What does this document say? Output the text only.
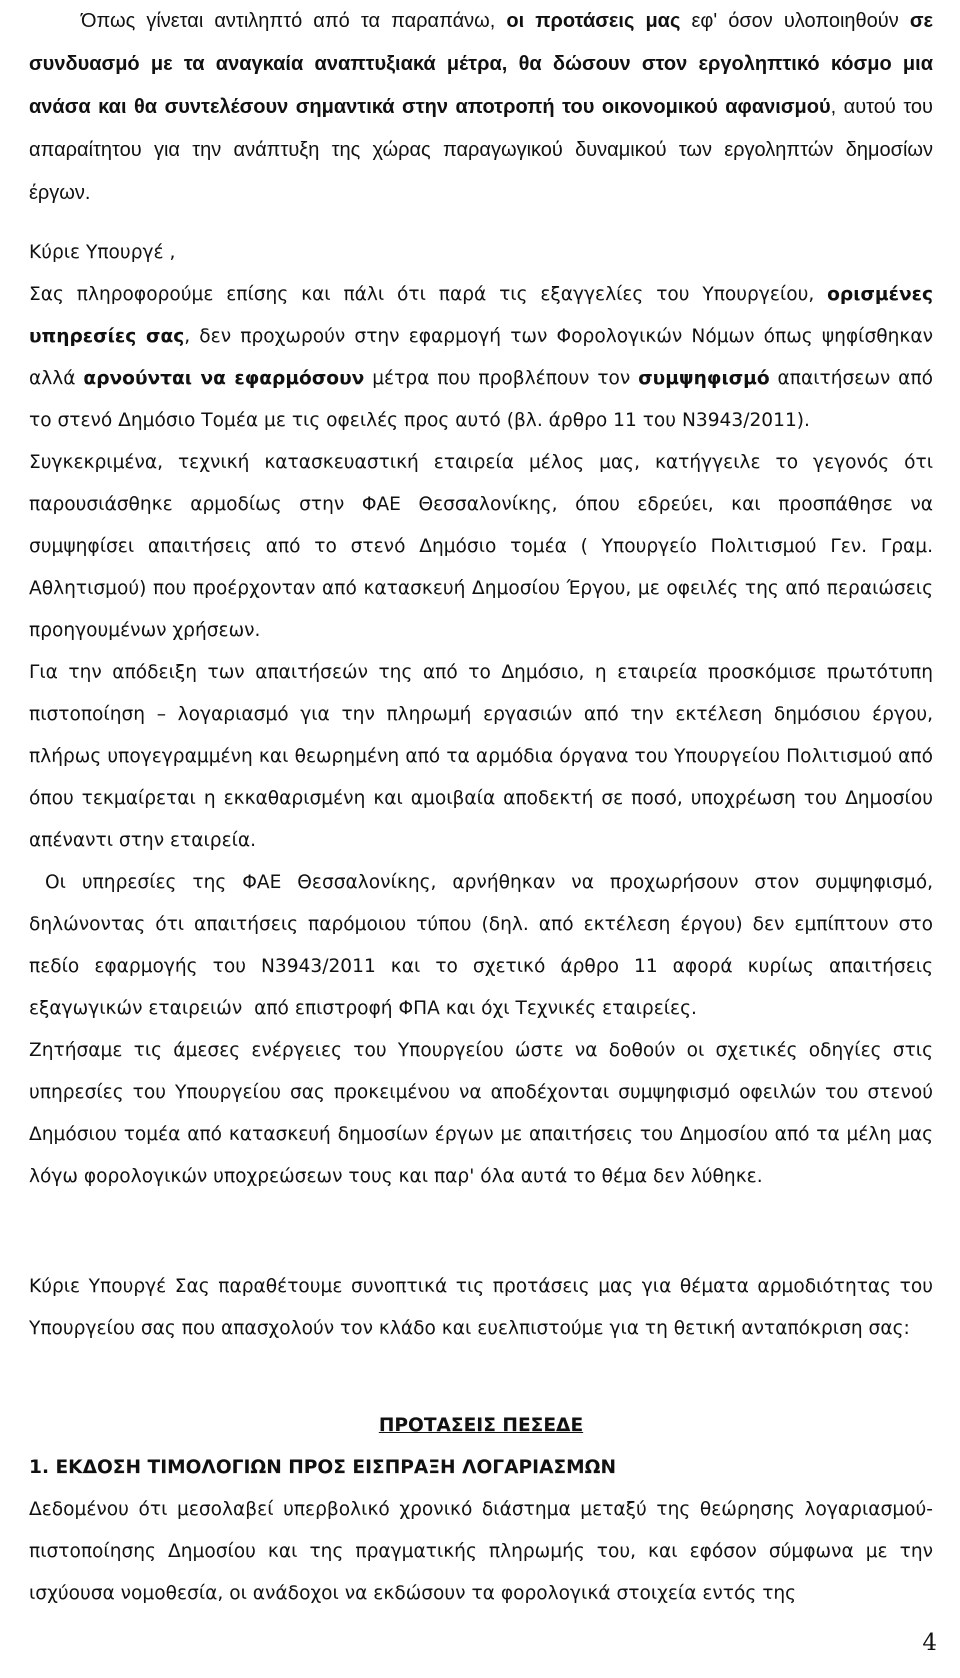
Όπως γίνεται αντιληπτό από τα παραπάνω, οι προτάσεις μας εφ' όσον υλοποιηθούν σε συνδυασμό με τα αναγκαία αναπτυξιακά μέτρα, θα δώσουν στον εργοληπτικό κόσμο μια ανάσα και θα συντελέσουν σημαντικά στην αποτροπή του οικονομικού αφανισμού, αυτού του απαραίτητου για την ανάπτυξη της χώρας παραγωγικού δυναμικού των εργοληπτών δημοσίων έργων.

Κύριε Υπουργέ ,

Σας πληροφορούμε επίσης και πάλι ότι παρά τις εξαγγελίες του Υπουργείου, ορισμένες υπηρεσίες σας, δεν προχωρούν στην εφαρμογή των Φορολογικών Νόμων όπως ψηφίσθηκαν αλλά αρνούνται να εφαρμόσουν μέτρα που προβλέπουν τον συμψηφισμό απαιτήσεων από το στενό Δημόσιο Τομέα με τις οφειλές προς αυτό (βλ. άρθρο 11 του Ν3943/2011).

Συγκεκριμένα, τεχνική κατασκευαστική εταιρεία μέλος μας, κατήγγειλε το γεγονός ότι παρουσιάσθηκε αρμοδίως στην ΦΑΕ Θεσσαλονίκης, όπου εδρεύει, και προσπάθησε να συμψηφίσει απαιτήσεις από το στενό Δημόσιο τομέα ( Υπουργείο Πολιτισμού Γεν. Γραμ. Αθλητισμού) που προέρχονταν από κατασκευή Δημοσίου Έργου, με οφειλές της από περαιώσεις προηγουμένων χρήσεων.

Για την απόδειξη των απαιτήσεών της από το Δημόσιο, η εταιρεία προσκόμισε πρωτότυπη πιστοποίηση – λογαριασμό για την πληρωμή εργασιών από την εκτέλεση δημόσιου έργου, πλήρως υπογεγραμμένη και θεωρημένη από τα αρμόδια όργανα του Υπουργείου Πολιτισμού από όπου τεκμαίρεται η εκκαθαρισμένη και αμοιβαία αποδεκτή σε ποσό, υποχρέωση του Δημοσίου απέναντι στην εταιρεία.

Οι υπηρεσίες της ΦΑΕ Θεσσαλονίκης, αρνήθηκαν να προχωρήσουν στον συμψηφισμό, δηλώνοντας ότι απαιτήσεις παρόμοιου τύπου (δηλ. από εκτέλεση έργου) δεν εμπίπτουν στο πεδίο εφαρμογής του Ν3943/2011 και το σχετικό άρθρο 11 αφορά κυρίως απαιτήσεις εξαγωγικών εταιρειών  από επιστροφή ΦΠΑ και όχι Τεχνικές εταιρείες.

Ζητήσαμε τις άμεσες ενέργειες του Υπουργείου ώστε να δοθούν οι σχετικές οδηγίες στις υπηρεσίες του Υπουργείου σας προκειμένου να αποδέχονται συμψηφισμό οφειλών του στενού Δημόσιου τομέα από κατασκευή δημοσίων έργων με απαιτήσεις του Δημοσίου από τα μέλη μας λόγω φορολογικών υποχρεώσεων τους και παρ' όλα αυτά το θέμα δεν λύθηκε.

Κύριε Υπουργέ Σας παραθέτουμε συνοπτικά τις προτάσεις μας για θέματα αρμοδιότητας του Υπουργείου σας που απασχολούν τον κλάδο και ευελπιστούμε για τη θετική ανταπόκριση σας:

ΠΡΟΤΑΣΕΙΣ ΠΕΣΕΔΕ

1. ΕΚΔΟΣΗ ΤΙΜΟΛΟΓΙΩΝ ΠΡΟΣ ΕΙΣΠΡΑΞΗ ΛΟΓΑΡΙΑΣΜΩΝ

Δεδομένου ότι μεσολαβεί υπερβολικό χρονικό διάστημα μεταξύ της θεώρησης λογαριασμού-πιστοποίησης Δημοσίου και της πραγματικής πληρωμής του, και εφόσον σύμφωνα με την ισχύουσα νομοθεσία, οι ανάδοχοι να εκδώσουν τα φορολογικά στοιχεία εντός της

4
